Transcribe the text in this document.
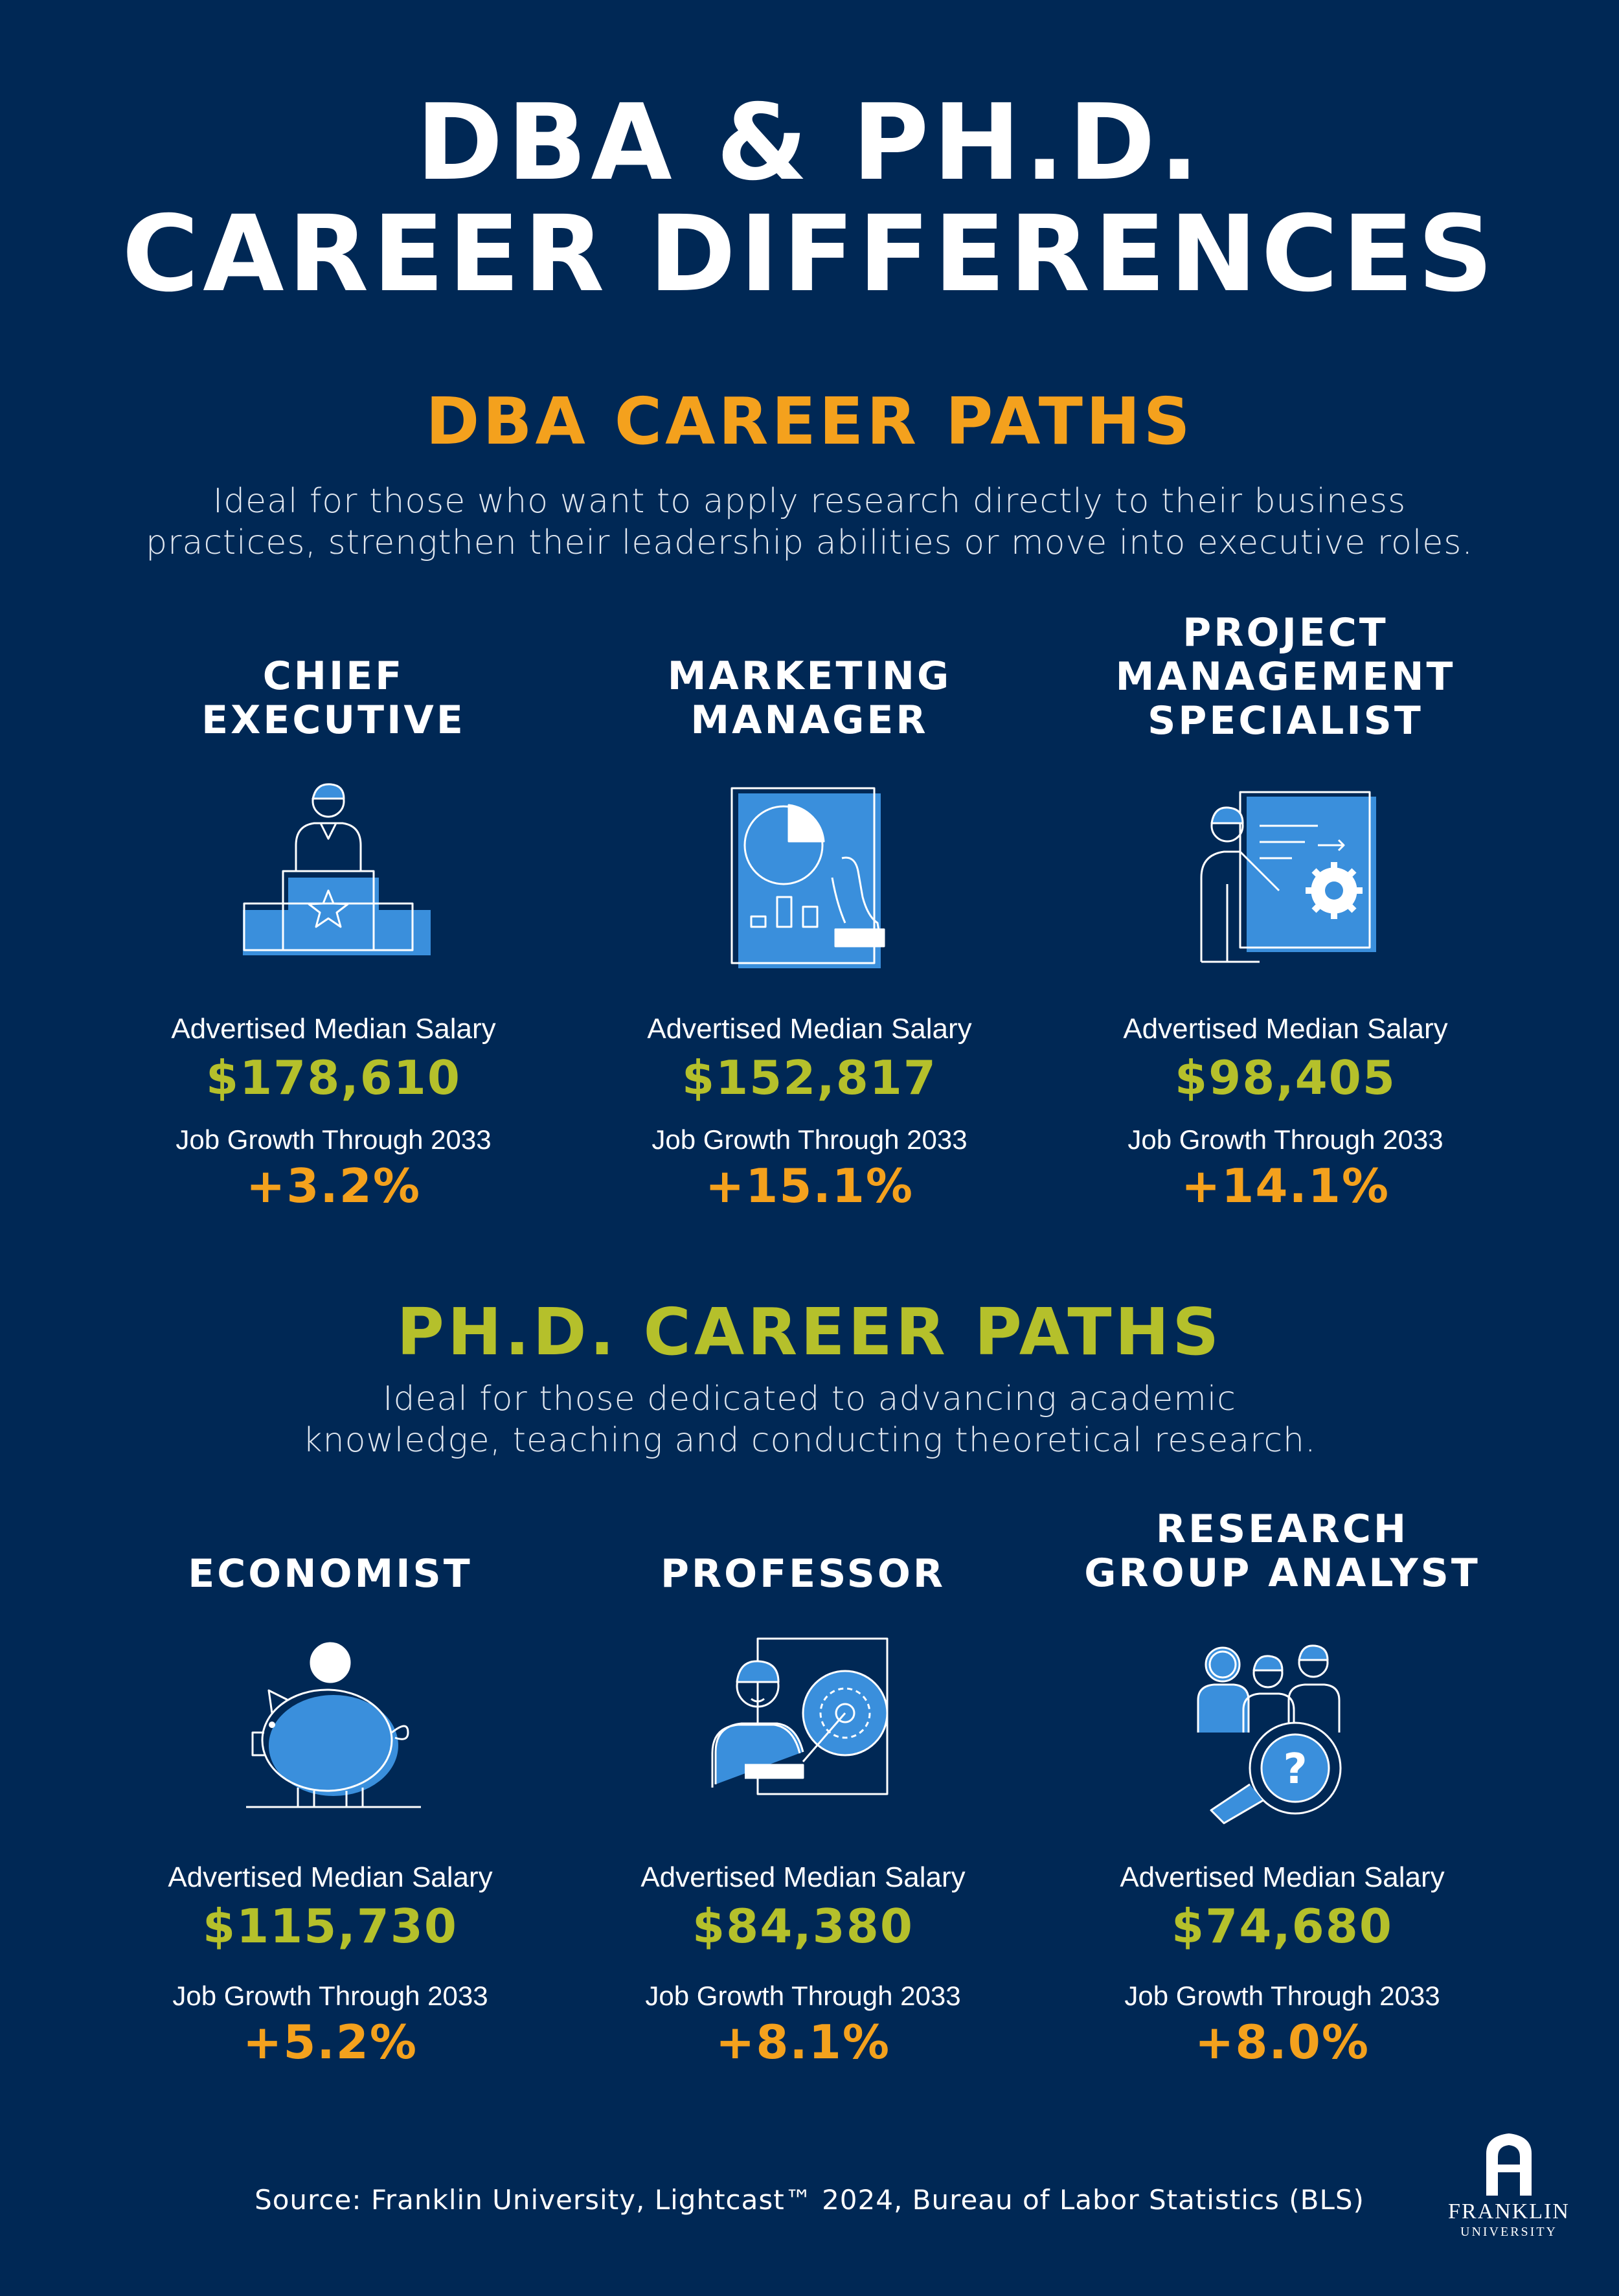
DBA & PH.D.
CAREER DIFFERENCES
DBA CAREER PATHS
Ideal for those who want to apply research directly to their business
practices, strengthen their leadership abilities or move into executive roles.
CHIEF
EXECUTIVE
Advertised Median Salary
$178,610
Job Growth Through 2033
+3.2%
MARKETING
MANAGER
Advertised Median Salary
$152,817
Job Growth Through 2033
+15.1%
PROJECT
MANAGEMENT
SPECIALIST
Advertised Median Salary
$98,405
Job Growth Through 2033
+14.1%
PH.D. CAREER PATHS
Ideal for those dedicated to advancing academic
knowledge, teaching and conducting theoretical research.
ECONOMIST
Advertised Median Salary
$115,730
Job Growth Through 2033
+5.2%
PROFESSOR
Advertised Median Salary
$84,380
Job Growth Through 2033
+8.1%
RESEARCH
GROUP ANALYST
?
Advertised Median Salary
$74,680
Job Growth Through 2033
+8.0%
Source: Franklin University, Lightcast™ 2024, Bureau of Labor Statistics (BLS)	FRANKLIN
UNIVERSITY
